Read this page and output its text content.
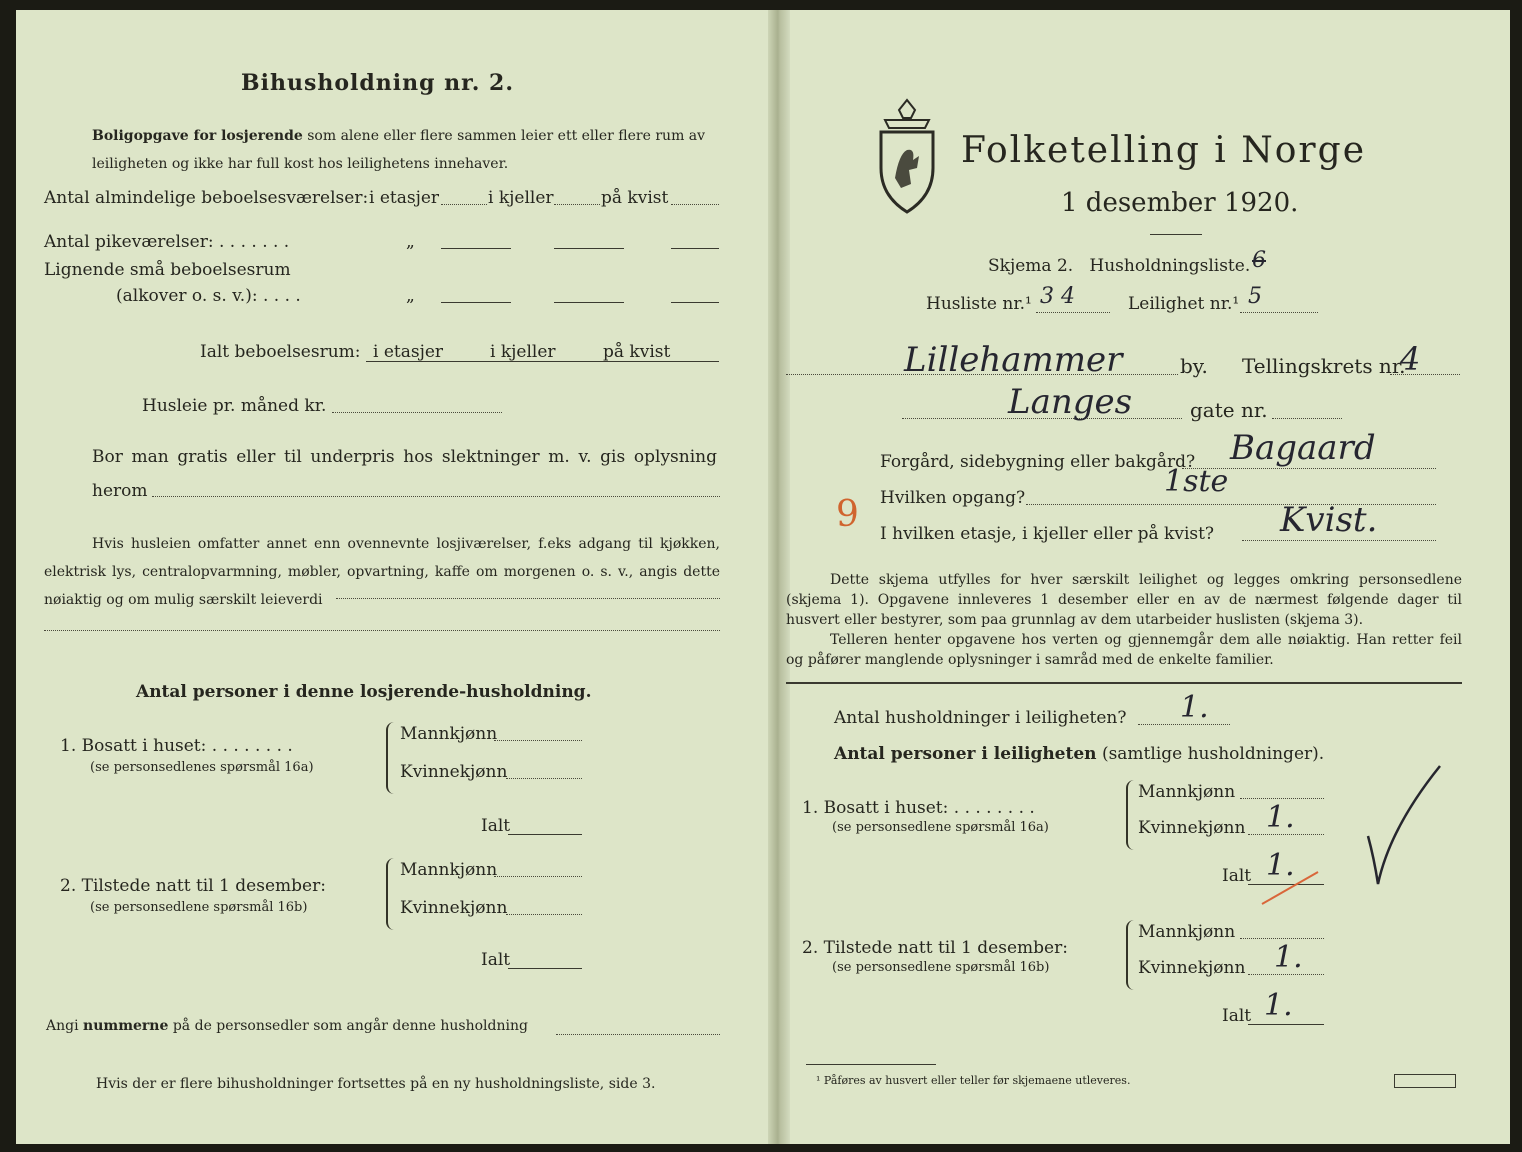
Bihusholdning nr. 2.
Boligopgave for losjerende som alene eller flere sammen leier ett eller flere rum av leiligheten og ikke har full kost hos leilighetens innehaver.
Antal almindelige beboelsesværelser: i etasjer	i kjeller	på kvist
Antal pikeværelser: . . . . . . .	„
Lignende små beboelsesrum
(alkover o. s. v.): . . . .	„
Ialt beboelsesrum: i etasjer	i kjeller	på kvist
Husleie pr. måned kr.
Bor man gratis eller til underpris hos slektninger m. v. gis oplysning herom
Hvis husleien omfatter annet enn ovennevnte losjiværelser, f.eks adgang til kjøkken, elektrisk lys, centralopvarmning, møbler, opvartning, kaffe om morgenen o. s. v., angis dette nøiaktig og om mulig særskilt leieverdi
Antal personer i denne losjerende-husholdning.
1. Bosatt i huset: . . . . . . . .
(se personsedlenes spørsmål 16a)
Mannkjønn
Kvinnekjønn
Ialt
2. Tilstede natt til 1 desember:
(se personsedlene spørsmål 16b)
Mannkjønn
Kvinnekjønn
Ialt
Angi nummerne på de personsedler som angår denne husholdning
Hvis der er flere bihusholdninger fortsettes på en ny husholdningsliste, side 3.
Folketelling i Norge
1 desember 1920.
Skjema 2. Husholdningsliste. 6
Husliste nr.¹ 3 4	Leilighet nr.¹ 5
Lillehammer	by. Tellingskrets nr.
4
Langes	gate nr.
Forgård, sidebygning eller bakgård? Bagaard
9 Hvilken opgang?	1ste
I hvilken etasje, i kjeller eller på kvist? Kvist.
Dette skjema utfylles for hver særskilt leilighet og legges omkring personsedlene (skjema 1). Opgavene innleveres 1 desember eller en av de nærmest følgende dager til husvert eller bestyrer, som paa grunnlag av dem utarbeider huslisten (skjema 3).
Telleren henter opgavene hos verten og gjennemgår dem alle nøiaktig. Han retter feil og påfører manglende oplysninger i samråd med de enkelte familier.
Antal husholdninger i leiligheten? 1.
Antal personer i leiligheten (samtlige husholdninger).
1. Bosatt i huset: . . . . . . . .
(se personsedlene spørsmål 16a)
Mannkjønn
Kvinnekjønn 1.
Ialt 1.
2. Tilstede natt til 1 desember:
(se personsedlene spørsmål 16b)
Mannkjønn
Kvinnekjønn 1.
Ialt 1.
¹ Påføres av husvert eller teller før skjemaene utleveres.
